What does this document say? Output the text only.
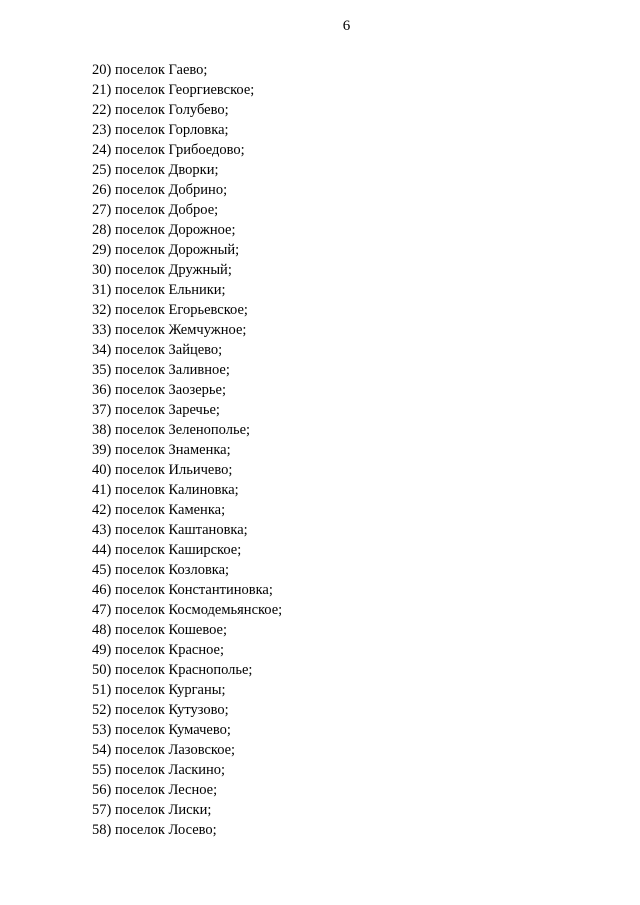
6
20) поселок Гаево;
21) поселок Георгиевское;
22) поселок Голубево;
23) поселок Горловка;
24) поселок Грибоедово;
25) поселок Дворки;
26) поселок Добрино;
27) поселок Доброе;
28) поселок Дорожное;
29) поселок Дорожный;
30) поселок Дружный;
31) поселок Ельники;
32) поселок Егорьевское;
33) поселок Жемчужное;
34) поселок Зайцево;
35) поселок Заливное;
36) поселок Заозерье;
37) поселок Заречье;
38) поселок Зеленополье;
39) поселок Знаменка;
40) поселок Ильичево;
41) поселок Калиновка;
42) поселок Каменка;
43) поселок Каштановка;
44) поселок Каширское;
45) поселок Козловка;
46) поселок Константиновка;
47) поселок Космодемьянское;
48) поселок Кошевое;
49) поселок Красное;
50) поселок Краснополье;
51) поселок Курганы;
52) поселок Кутузово;
53) поселок Кумачево;
54) поселок Лазовское;
55) поселок Ласкино;
56) поселок Лесное;
57) поселок Лиски;
58) поселок Лосево;
